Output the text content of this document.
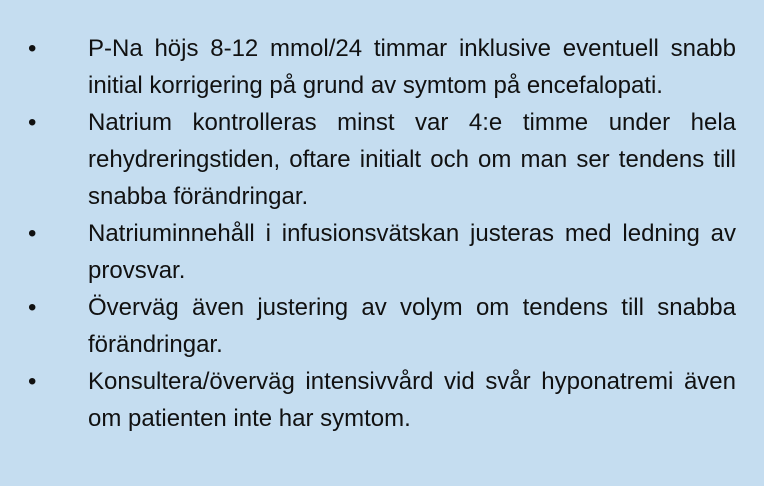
•	P-Na höjs 8-12 mmol/24 timmar inklusive eventuell snabb initial korrigering på grund av symtom på encefalopati.

•	Natrium kontrolleras minst var 4:e timme under hela rehydreringstiden, oftare initialt och om man ser tendens till snabba förändringar.

•	Natriuminnehåll i infusionsvätskan justeras med ledning av provsvar.

•	Överväg även justering av volym om tendens till snabba förändringar.

•	Konsultera/överväg intensivvård vid svår hyponatremi även om patienten inte har symtom.
